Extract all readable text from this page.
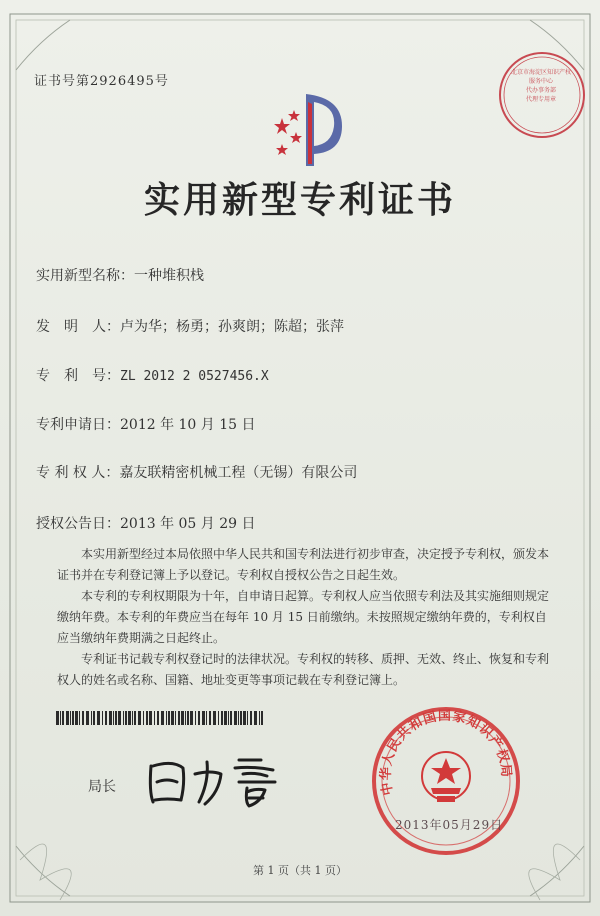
证书号第2926495号
北京市海淀区知识产权服务中心
代办事务部
代理专用章
实用新型专利证书
实用新型名称：一种堆积栈
发　明　人：卢为华；杨勇；孙爽朗；陈超；张萍
专　利　号：ZL 2012 2 0527456.X
专利申请日：2012 年 10 月 15 日
专 利 权 人：嘉友联精密机械工程（无锡）有限公司
授权公告日：2013 年 05 月 29 日

本实用新型经过本局依照中华人民共和国专利法进行初步审查，决定授予专利权，颁发本证书并在专利登记簿上予以登记。专利权自授权公告之日起生效。

本专利的专利权期限为十年，自申请日起算。专利权人应当依照专利法及其实施细则规定缴纳年费。本专利的年费应当在每年 10 月 15 日前缴纳。未按照规定缴纳年费的，专利权自应当缴纳年费期满之日起终止。

专利证书记载专利权登记时的法律状况。专利权的转移、质押、无效、终止、恢复和专利权人的姓名或名称、国籍、地址变更等事项记载在专利登记簿上。

局长	中华人民共和国国家知识产权局
2013年05月29日
第 1 页（共 1 页）
